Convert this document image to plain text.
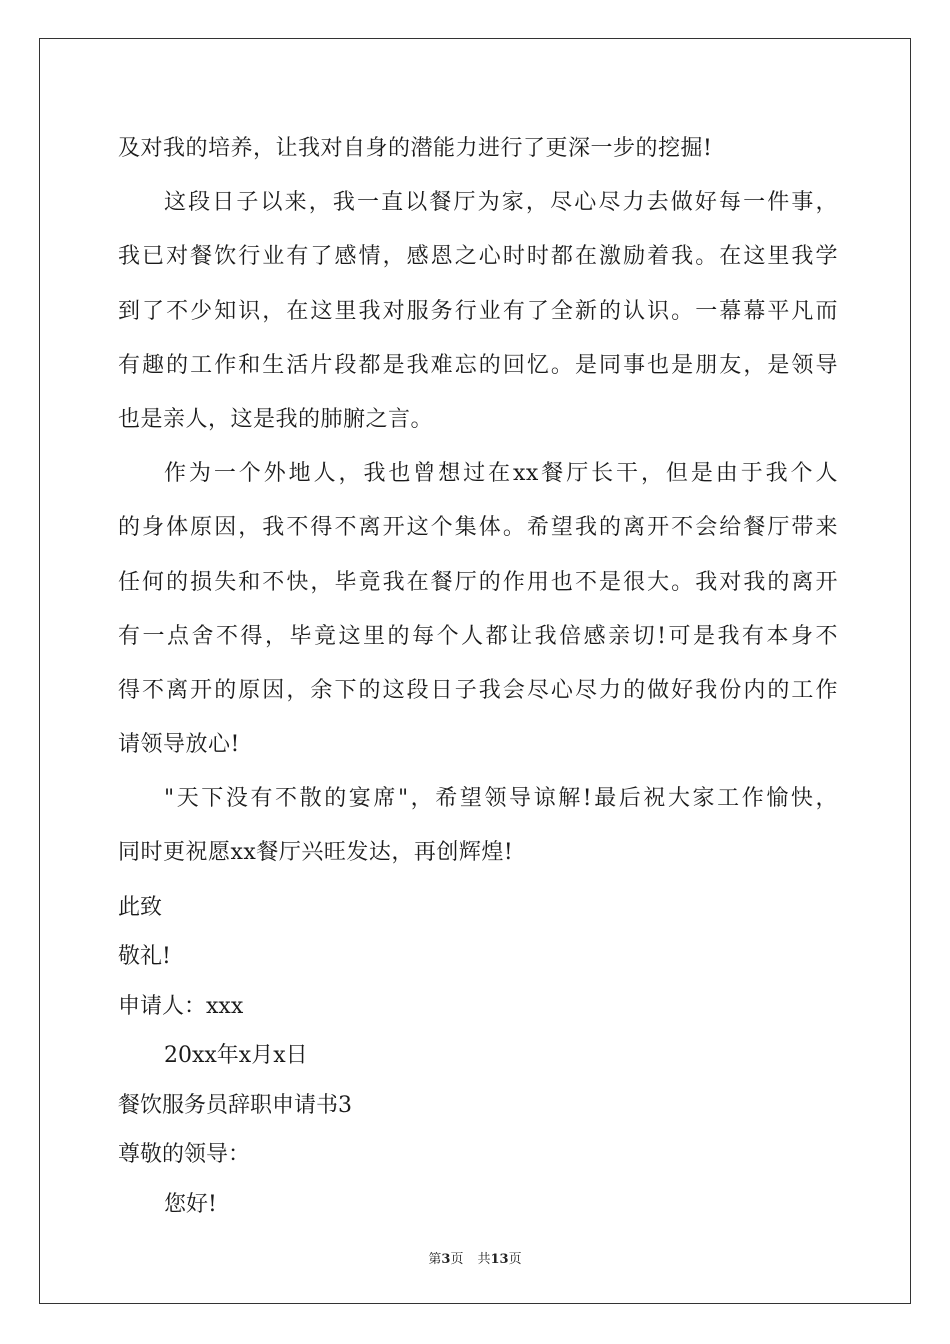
及对我的培养，让我对自身的潜能力进行了更深一步的挖掘!
这段日子以来，我一直以餐厅为家，尽心尽力去做好每一件事，
我已对餐饮行业有了感情，感恩之心时时都在激励着我。在这里我学
到了不少知识，在这里我对服务行业有了全新的认识。一幕幕平凡而
有趣的工作和生活片段都是我难忘的回忆。是同事也是朋友，是领导
也是亲人，这是我的肺腑之言。
作为一个外地人，我也曾想过在xx餐厅长干，但是由于我个人
的身体原因，我不得不离开这个集体。希望我的离开不会给餐厅带来
任何的损失和不快，毕竟我在餐厅的作用也不是很大。我对我的离开
有一点舍不得，毕竟这里的每个人都让我倍感亲切!可是我有本身不
得不离开的原因，余下的这段日子我会尽心尽力的做好我份内的工作
请领导放心!
"天下没有不散的宴席"，希望领导谅解!最后祝大家工作愉快，
同时更祝愿xx餐厅兴旺发达，再创辉煌!
此致
敬礼!
申请人：xxx
20xx年x月x日
餐饮服务员辞职申请书3
尊敬的领导：
您好!
第3页 共13页
